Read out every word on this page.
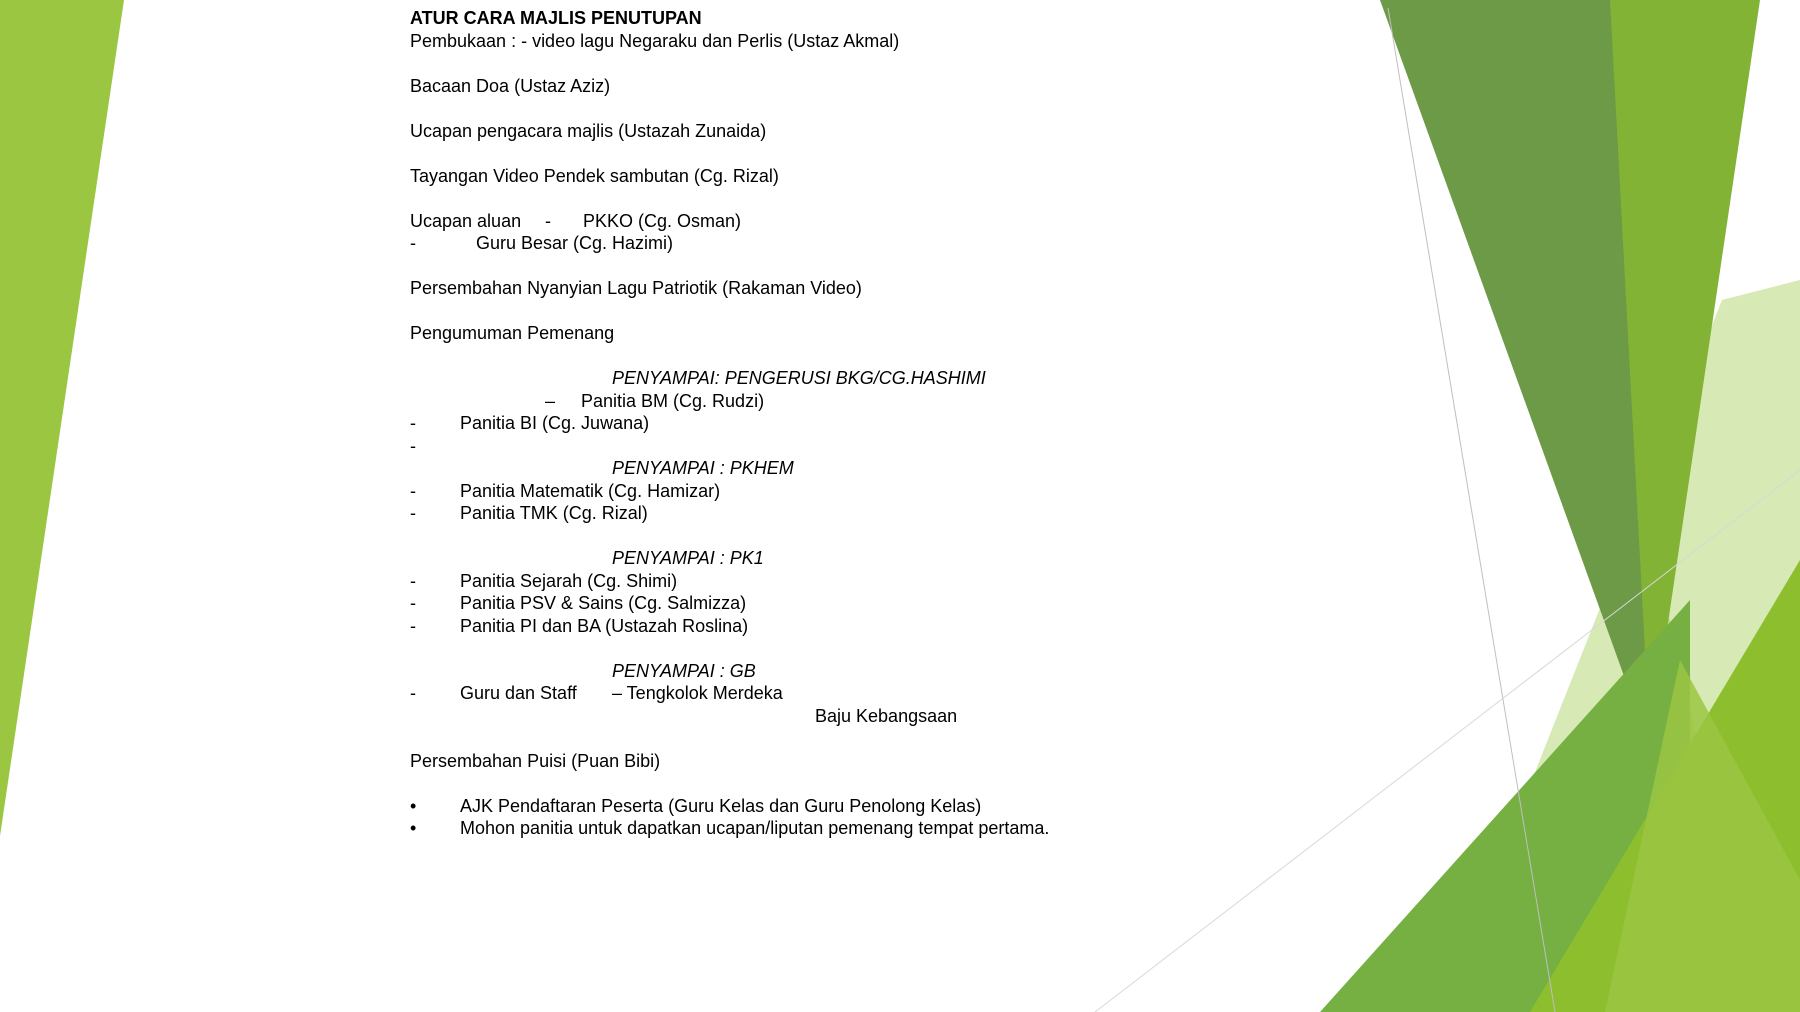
ATUR CARA MAJLIS PENUTUPAN
Pembukaan : - video lagu Negaraku dan Perlis (Ustaz Akmal)
Bacaan Doa (Ustaz Aziz)
Ucapan pengacara majlis (Ustazah Zunaida)
Tayangan Video Pendek sambutan (Cg. Rizal)
Ucapan aluan - PKKO (Cg. Osman)
-	Guru Besar (Cg. Hazimi)
Persembahan Nyanyian Lagu Patriotik (Rakaman Video)
Pengumuman Pemenang
PENYAMPAI: PENGERUSI BKG/CG.HASHIMI
– Panitia BM (Cg. Rudzi)
- Panitia BI (Cg. Juwana)
-
PENYAMPAI : PKHEM
- Panitia Matematik (Cg. Hamizar)
- Panitia TMK (Cg. Rizal)
PENYAMPAI : PK1
- Panitia Sejarah (Cg. Shimi)
- Panitia PSV & Sains (Cg. Salmizza)
- Panitia PI dan BA (Ustazah Roslina)
PENYAMPAI : GB
- Guru dan Staff – Tengkolok Merdeka
Baju Kebangsaan
Persembahan Puisi (Puan Bibi)
• AJK Pendaftaran Peserta (Guru Kelas dan Guru Penolong Kelas)
• Mohon panitia untuk dapatkan ucapan/liputan pemenang tempat pertama.
